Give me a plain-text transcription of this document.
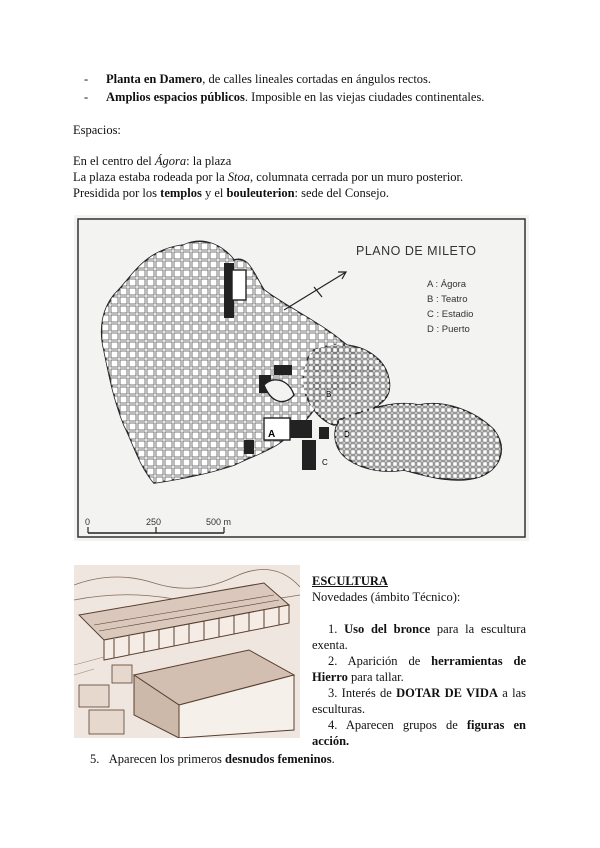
- Planta en Damero, de calles lineales cortadas en ángulos rectos.
- Amplios espacios públicos. Imposible en las viejas ciudades continentales.
Espacios:
En el centro del Ágora: la plaza
La plaza estaba rodeada por la Stoa, columnata cerrada por un muro posterior.
Presidida por los templos y el bouleuterion: sede del Consejo.
A
B
C
D
PLANO DE MILETO
A : Ágora
B : Teatro
C : Estadio
D : Puerto
0	250	500 m
ESCULTURA
Novedades (ámbito Técnico):
1. Uso del bronce para la escultura exenta.
2. Aparición de herramientas de Hierro para tallar.
3. Interés de DOTAR DE VIDA a las esculturas.
4. Aparecen grupos de figuras en acción.
5. Aparecen los primeros desnudos femeninos.
